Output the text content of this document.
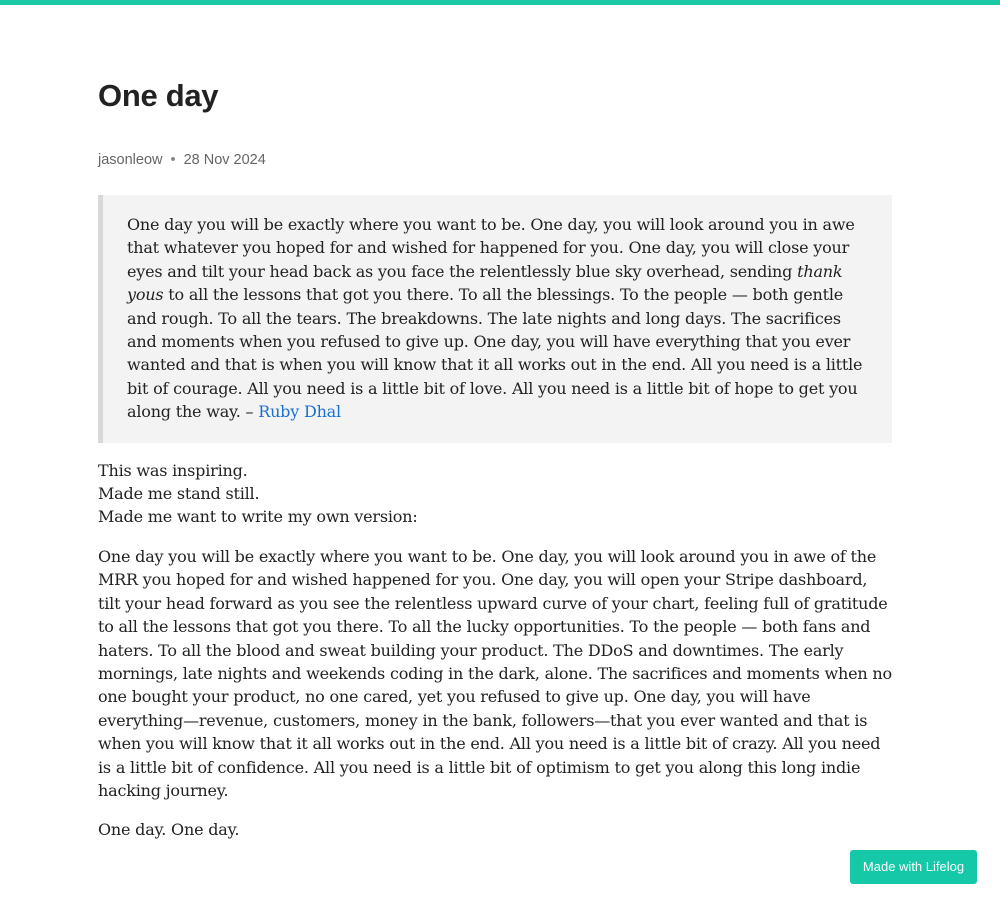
One day
jasonleow • 28 Nov 2024
One day you will be exactly where you want to be. One day, you will look around you in awe that whatever you hoped for and wished for happened for you. One day, you will close your eyes and tilt your head back as you face the relentlessly blue sky overhead, sending thank yous to all the lessons that got you there. To all the blessings. To the people — both gentle and rough. To all the tears. The breakdowns. The late nights and long days. The sacrifices and moments when you refused to give up. One day, you will have everything that you ever wanted and that is when you will know that it all works out in the end. All you need is a little bit of courage. All you need is a little bit of love. All you need is a little bit of hope to get you along the way. – Ruby Dhal
This was inspiring.
Made me stand still.
Made me want to write my own version:

One day you will be exactly where you want to be. One day, you will look around you in awe of the MRR you hoped for and wished happened for you. One day, you will open your Stripe dashboard, tilt your head forward as you see the relentless upward curve of your chart, feeling full of gratitude to all the lessons that got you there. To all the lucky opportunities. To the people — both fans and haters. To all the blood and sweat building your product. The DDoS and downtimes. The early mornings, late nights and weekends coding in the dark, alone. The sacrifices and moments when no one bought your product, no one cared, yet you refused to give up. One day, you will have everything—revenue, customers, money in the bank, followers—that you ever wanted and that is when you will know that it all works out in the end. All you need is a little bit of crazy. All you need is a little bit of confidence. All you need is a little bit of optimism to get you along this long indie hacking journey.

One day. One day.

Made with Lifelog
